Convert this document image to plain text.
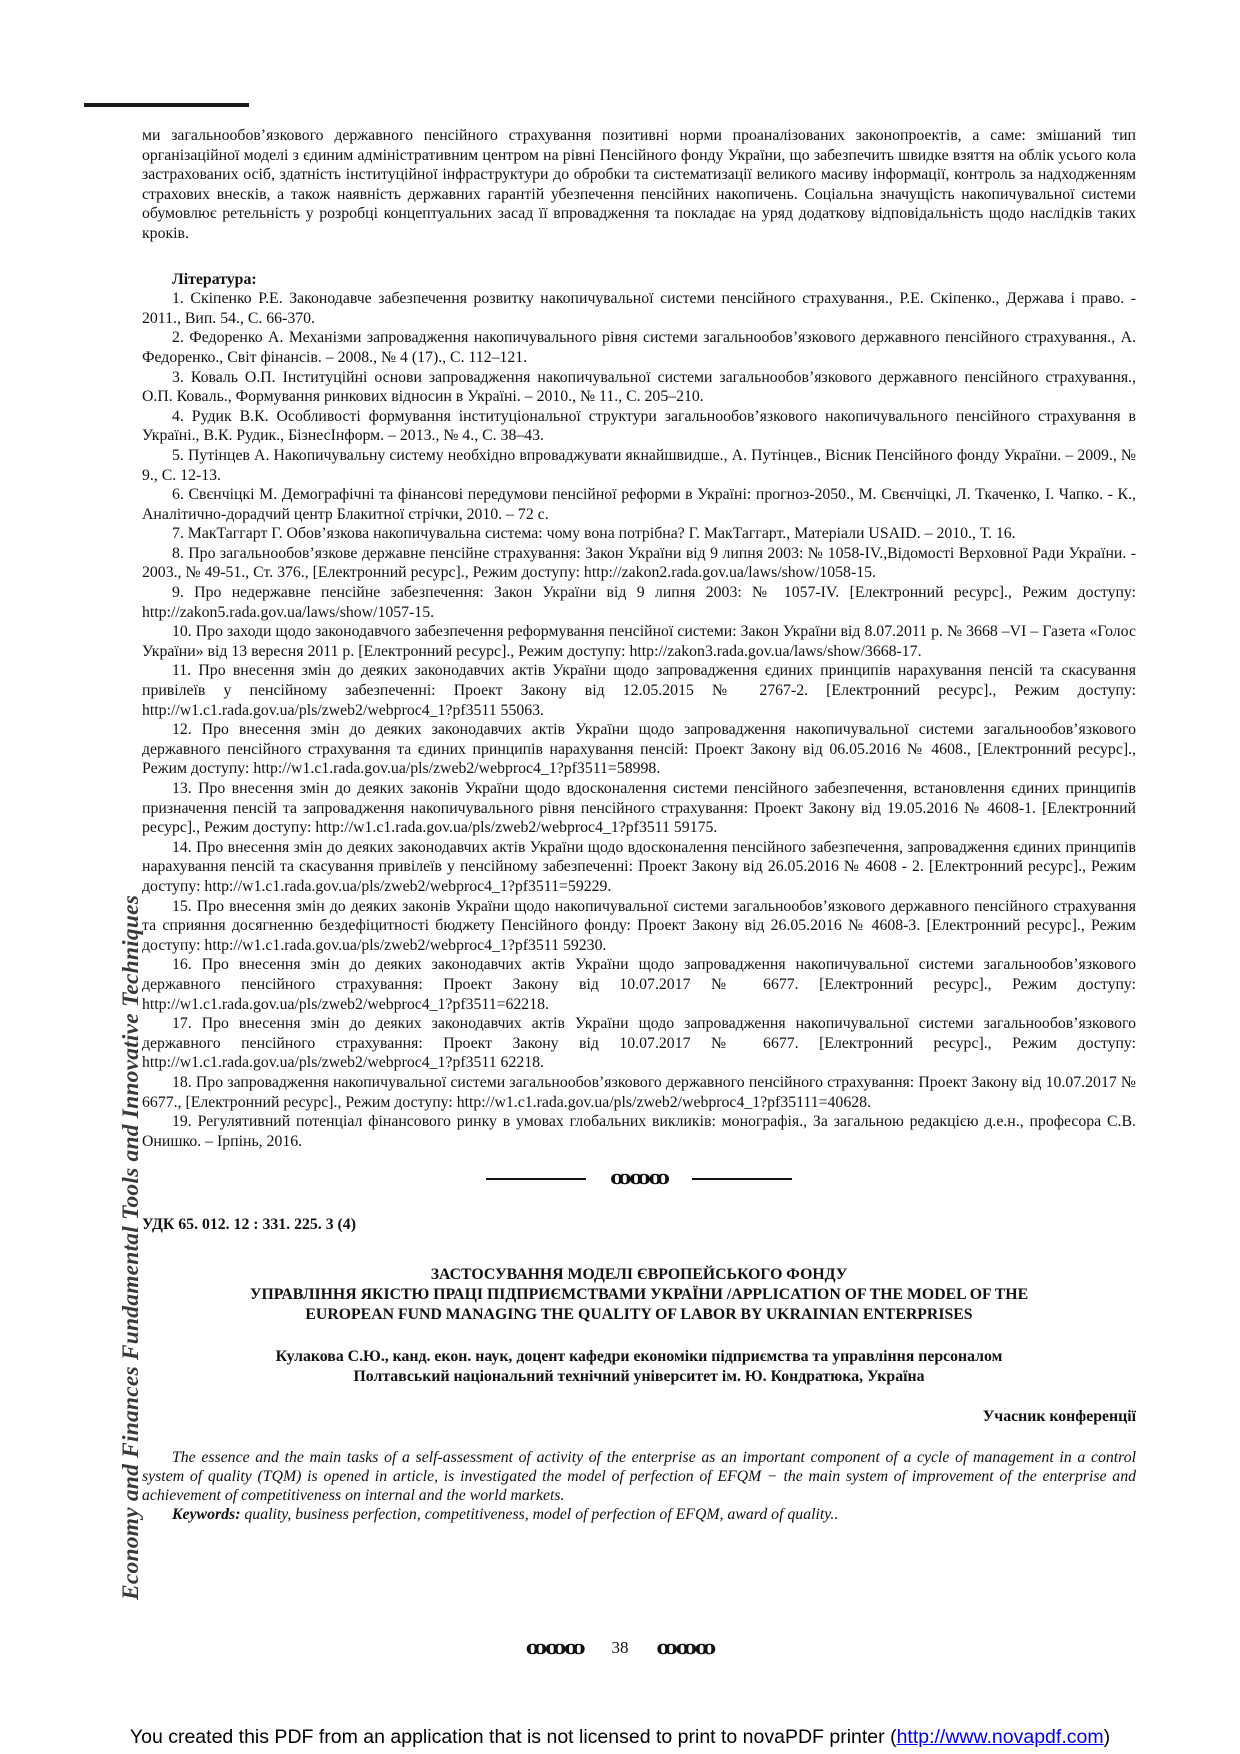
Economy and Finances Fundamental Tools and Innovative Techniques

ми загальнообов’язкового державного пенсійного страхування позитивні норми проаналізованих законопроектів, а саме: змішаний тип організаційної моделі з єдиним адміністративним центром на рівні Пенсійного фонду України, що забезпечить швидке взяття на облік усього кола застрахованих осіб, здатність інституційної інфраструктури до обробки та систематизації великого масиву інформації, контроль за надходженням страхових внесків, а також наявність державних гарантій убезпечення пенсійних накопичень. Соціальна значущість накопичувальної системи обумовлює ретельність у розробці концептуальних засад її впровадження та покладає на уряд додаткову відповідальність щодо наслідків таких кроків.

Література:

1. Скіпенко Р.Е. Законодавче забезпечення розвитку накопичувальної системи пенсійного страхування., Р.Е. Скіпенко., Держава і право. - 2011., Вип. 54., С. 66-370.

2. Федоренко А. Механізми запровадження накопичувального рівня системи загальнообов’язкового державного пенсійного страхування., А. Федоренко., Світ фінансів. – 2008., № 4 (17)., С. 112–121.

3. Коваль О.П. Інституційні основи запровадження накопичувальної системи загальнообов’язкового державного пенсійного страхування., О.П. Коваль., Формування ринкових відносин в Україні. – 2010., № 11., С. 205–210.

4. Рудик В.К. Особливості формування інституціональної структури загальнообов’язкового накопичувального пенсійного страхування в Україні., В.К. Рудик., БізнесІнформ. – 2013., № 4., С. 38–43.

5. Путінцев А. Накопичувальну систему необхідно впроваджувати якнайшвидше., А. Путінцев., Вісник Пенсійного фонду України. – 2009., № 9., С. 12-13.

6. Свєнчіцкі М. Демографічні та фінансові передумови пенсійної реформи в Україні: прогноз-2050., М. Свєнчіцкі, Л. Ткаченко, І. Чапко. - К., Аналітично-дорадчий центр Блакитної стрічки, 2010. – 72 с.

7. МакТаггарт Г. Обов’язкова накопичувальна система: чому вона потрібна? Г. МакТаггарт., Матеріали USAID. – 2010., Т. 16.

8. Про загальнообов’язкове державне пенсійне страхування: Закон України від 9 липня 2003: № 1058-IV.,Відомості Верховної Ради України. - 2003., № 49-51., Ст. 376., [Електронний ресурс]., Режим доступу: http://zakon2.rada.gov.ua/laws/show/1058-15.

9. Про недержавне пенсійне забезпечення: Закон України від 9 липня 2003: № 1057-IV. [Електронний ресурс]., Режим доступу: http://zakon5.rada.gov.ua/laws/show/1057-15.

10. Про заходи щодо законодавчого забезпечення реформування пенсійної системи: Закон України від 8.07.2011 р. № 3668 –VI – Газета «Голос України» від 13 вересня 2011 р. [Електронний ресурс]., Режим доступу: http://zakon3.rada.gov.ua/laws/show/3668-17.

11. Про внесення змін до деяких законодавчих актів України щодо запровадження єдиних принципів нарахування пенсій та скасування привілеїв у пенсійному забезпеченні: Проект Закону від 12.05.2015 № 2767-2. [Електронний ресурс]., Режим доступу: http://w1.c1.rada.gov.ua/pls/zweb2/webproc4_1?pf3511 55063.

12. Про внесення змін до деяких законодавчих актів України щодо запровадження накопичувальної системи загальнообов’язкового державного пенсійного страхування та єдиних принципів нарахування пенсій: Проект Закону від 06.05.2016 № 4608., [Електронний ресурс]., Режим доступу: http://w1.c1.rada.gov.ua/pls/zweb2/webproc4_1?pf3511=58998.

13. Про внесення змін до деяких законів України щодо вдосконалення системи пенсійного забезпечення, встановлення єдиних принципів призначення пенсій та запровадження накопичувального рівня пенсійного страхування: Проект Закону від 19.05.2016 № 4608-1. [Електронний ресурс]., Режим доступу: http://w1.c1.rada.gov.ua/pls/zweb2/webproc4_1?pf3511 59175.

14. Про внесення змін до деяких законодавчих актів України щодо вдосконалення пенсійного забезпечення, запровадження єдиних принципів нарахування пенсій та скасування привілеїв у пенсійному забезпеченні: Проект Закону від 26.05.2016 № 4608 - 2. [Електронний ресурс]., Режим доступу: http://w1.c1.rada.gov.ua/pls/zweb2/webproc4_1?pf3511=59229.

15. Про внесення змін до деяких законів України щодо накопичувальної системи загальнообов’язкового державного пенсійного страхування та сприяння досягненню бездефіцитності бюджету Пенсійного фонду: Проект Закону від 26.05.2016 № 4608-3. [Електронний ресурс]., Режим доступу: http://w1.c1.rada.gov.ua/pls/zweb2/webproc4_1?pf3511 59230.

16. Про внесення змін до деяких законодавчих актів України щодо запровадження накопичувальної системи загальнообов’язкового державного пенсійного страхування: Проект Закону від 10.07.2017 № 6677. [Електронний ресурс]., Режим доступу: http://w1.c1.rada.gov.ua/pls/zweb2/webproc4_1?pf3511=62218.

17. Про внесення змін до деяких законодавчих актів України щодо запровадження накопичувальної системи загальнообов’язкового державного пенсійного страхування: Проект Закону від 10.07.2017 № 6677. [Електронний ресурс]., Режим доступу: http://w1.c1.rada.gov.ua/pls/zweb2/webproc4_1?pf3511 62218.

18. Про запровадження накопичувальної системи загальнообов’язкового державного пенсійного страхування: Проект Закону від 10.07.2017 № 6677., [Електронний ресурс]., Режим доступу: http://w1.c1.rada.gov.ua/pls/zweb2/webproc4_1?pf35111=40628.

19. Регулятивний потенціал фінансового ринку в умовах глобальних викликів: монографія., За загальною редакцією д.е.н., професора С.В. Онишко. – Ірпінь, 2016.

ꝏꝏꝏ
УДК 65. 012. 12 : 331. 225. 3 (4)
ЗАСТОСУВАННЯ МОДЕЛІ ЄВРОПЕЙСЬКОГО ФОНДУ
УПРАВЛІННЯ ЯКІСТЮ ПРАЦІ ПІДПРИЄМСТВАМИ УКРАЇНИ /APPLICATION OF THE MODEL OF THE
EUROPEAN FUND MANAGING THE QUALITY OF LABOR BY UKRAINIAN ENTERPRISES
Кулакова С.Ю., канд. екон. наук, доцент кафедри економіки підприємства та управління персоналом
Полтавський національний технічний університет ім. Ю. Кондратюка, Україна
Учасник конференції

The essence and the main tasks of a self-assessment of activity of the enterprise as an important component of a cycle of management in a control system of quality (TQM) is opened in article, is investigated the model of perfection of EFQM − the main system of improvement of the enterprise and achievement of competitiveness on internal and the world markets.

Keywords: quality, business perfection, competitiveness, model of perfection of EFQM, award of quality..

ꝏꝏꝏ 38 ꝏꝏꝏ
You created this PDF from an application that is not licensed to print to novaPDF printer (http://www.novapdf.com)
